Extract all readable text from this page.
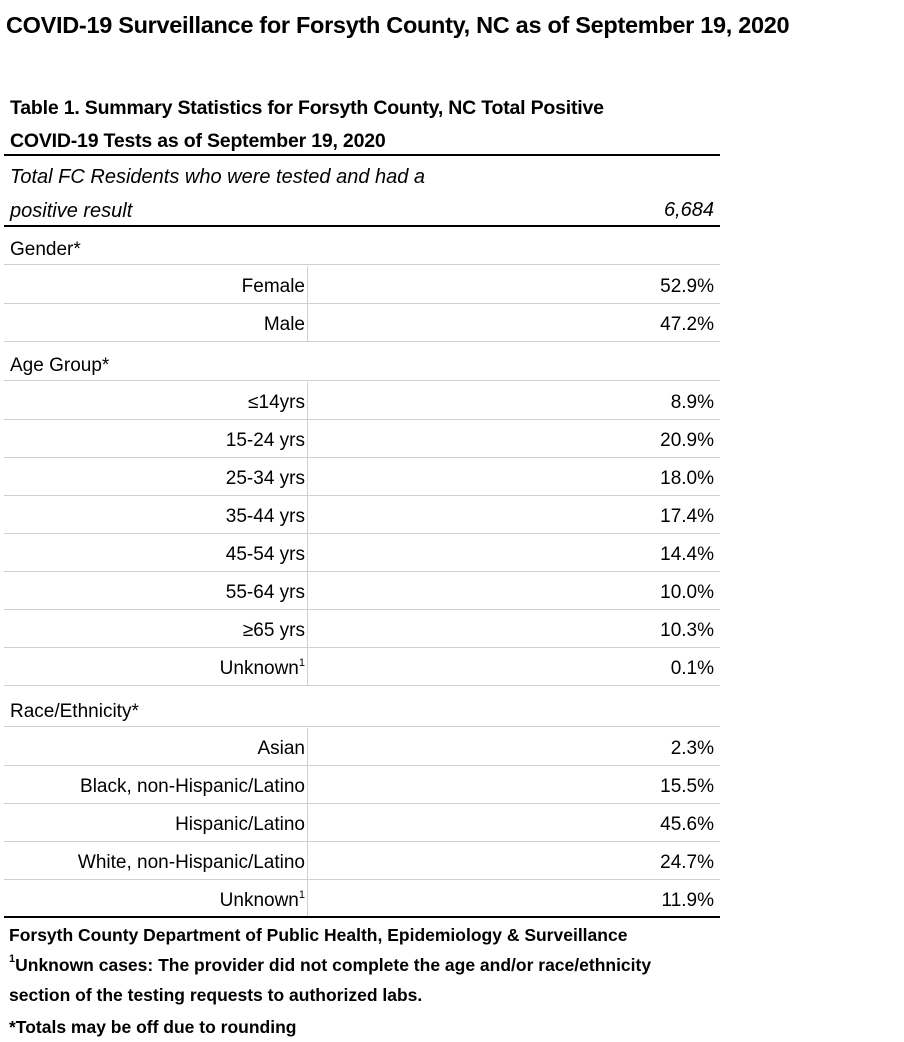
COVID-19 Surveillance for Forsyth County, NC as of September 19, 2020
Table 1. Summary Statistics for Forsyth County, NC Total Positive
COVID-19 Tests as of September 19, 2020
Total FC Residents who were tested and had a
positive result	6,684
Gender*
Female	52.9%
Male	47.2%
Age Group*
≤14yrs	8.9%
15-24 yrs	20.9%
25-34 yrs	18.0%
35-44 yrs	17.4%
45-54 yrs	14.4%
55-64 yrs	10.0%
≥65 yrs	10.3%
Unknown$^1$	0.1%
Race/Ethnicity*
Asian	2.3%
Black, non-Hispanic/Latino	15.5%
Hispanic/Latino	45.6%
White, non-Hispanic/Latino	24.7%
Unknown$^1$	11.9%
Forsyth County Department of Public Health, Epidemiology & Surveillance
$^1$Unknown cases: The provider did not complete the age and/or race/ethnicity
section of the testing requests to authorized labs.
*Totals may be off due to rounding
